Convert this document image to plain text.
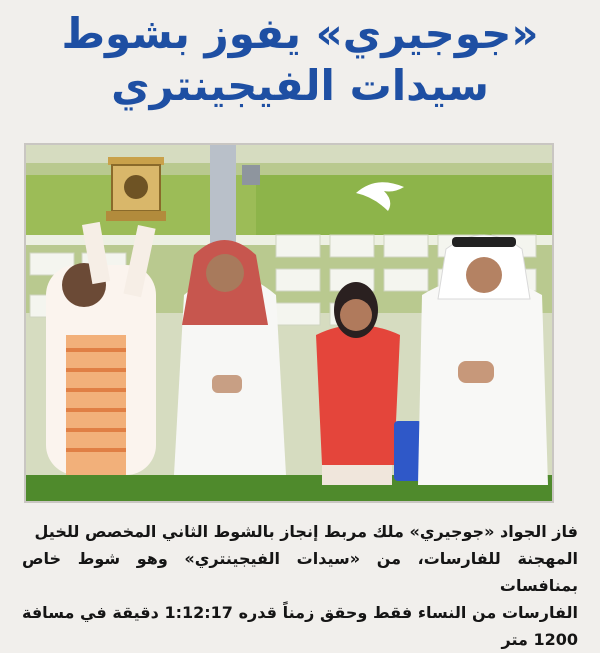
«جوجيري» يفوز بشوط
سيدات الفيجينتري

فاز الجواد «جوجيري» ملك مربط إنجاز بالشوط الثاني المخصص للخيل

المهجنة للفارسات، من «سيدات الفيجينتري» وهو شوط خاص بمنافسات

الفارسات من النساء فقط وحقق زمناً قدره 1:12:17 دقيقة في مسافة 1200 متر
